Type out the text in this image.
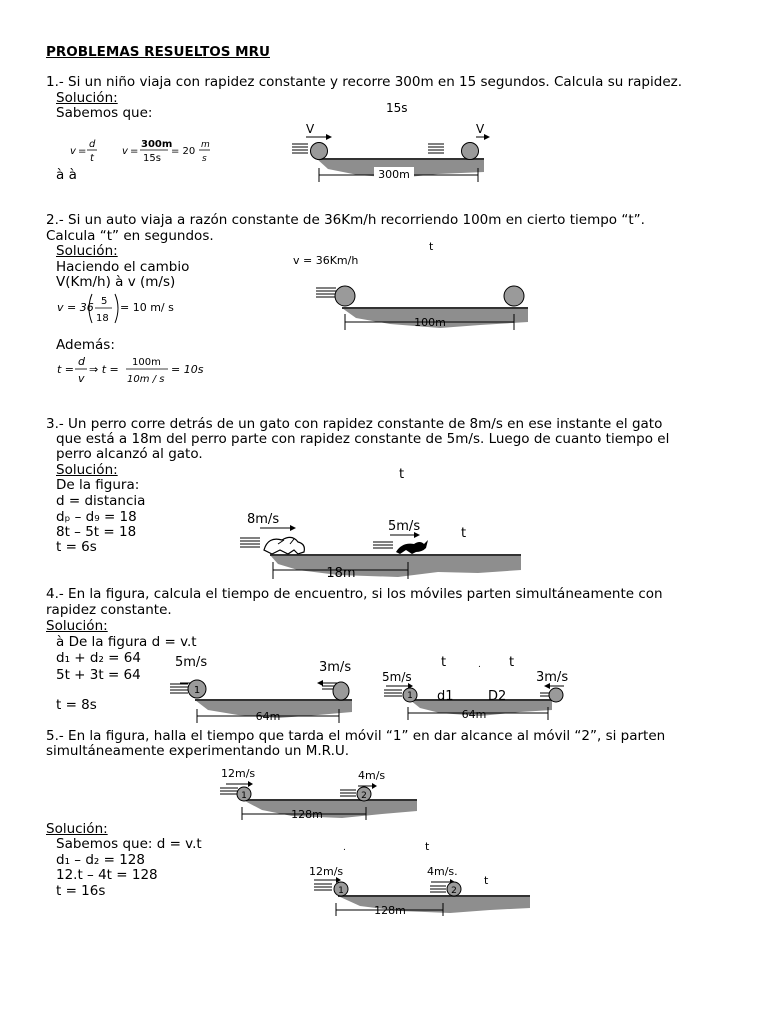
PROBLEMAS RESUELTOS MRU
1.- Si un niño viaja con rapidez constante y recorre 300m en 15 segundos. Calcula su rapidez.
Solución:
Sabemos que:
v =
d
t
v =
300m
15s
= 20
m
s
à à
15s
V	V
300m
2.- Si un auto viaja a razón constante de 36Km/h recorriendo 100m en cierto tiempo “t”.
Calcula “t” en segundos.
Solución:
Haciendo el cambio
V(Km/h) à v (m/s)
v = 36 5
18
= 10 m/ s
Además:
t =
d
v
⇒ t =
100m
10m / s
= 10s
t
v = 36Km/h
100m
3.- Un perro corre detrás de un gato con rapidez constante de 8m/s en ese instante el gato
que está a 18m del perro parte con rapidez constante de 5m/s. Luego de cuanto tiempo el
perro alcanzó al gato.
Solución:
De la figura:
d = distancia
dₚ – d₉ = 18
8t – 5t = 18
t = 6s
t
8m/s	5m/s	t
18m
4.- En la figura, calcula el tiempo de encuentro, si los móviles parten simultáneamente con
rapidez constante.
Solución:
à De la figura d = v.t
d₁ + d₂ = 64
5t + 3t = 64
t = 8s
5m/s	3m/s
1
64m
t	. t
5m/s	3m/s
1 d1	D2
64m
5.- En la figura, halla el tiempo que tarda el móvil “1” en dar alcance al móvil “2”, si parten
simultáneamente experimentando un M.R.U.
12m/s	4m/s
1	2
128m
Solución:
Sabemos que: d = v.t
d₁ – d₂ = 128
12.t – 4t = 128
t = 16s
.	t
12m/s	4m/s.
t
1	2
128m
